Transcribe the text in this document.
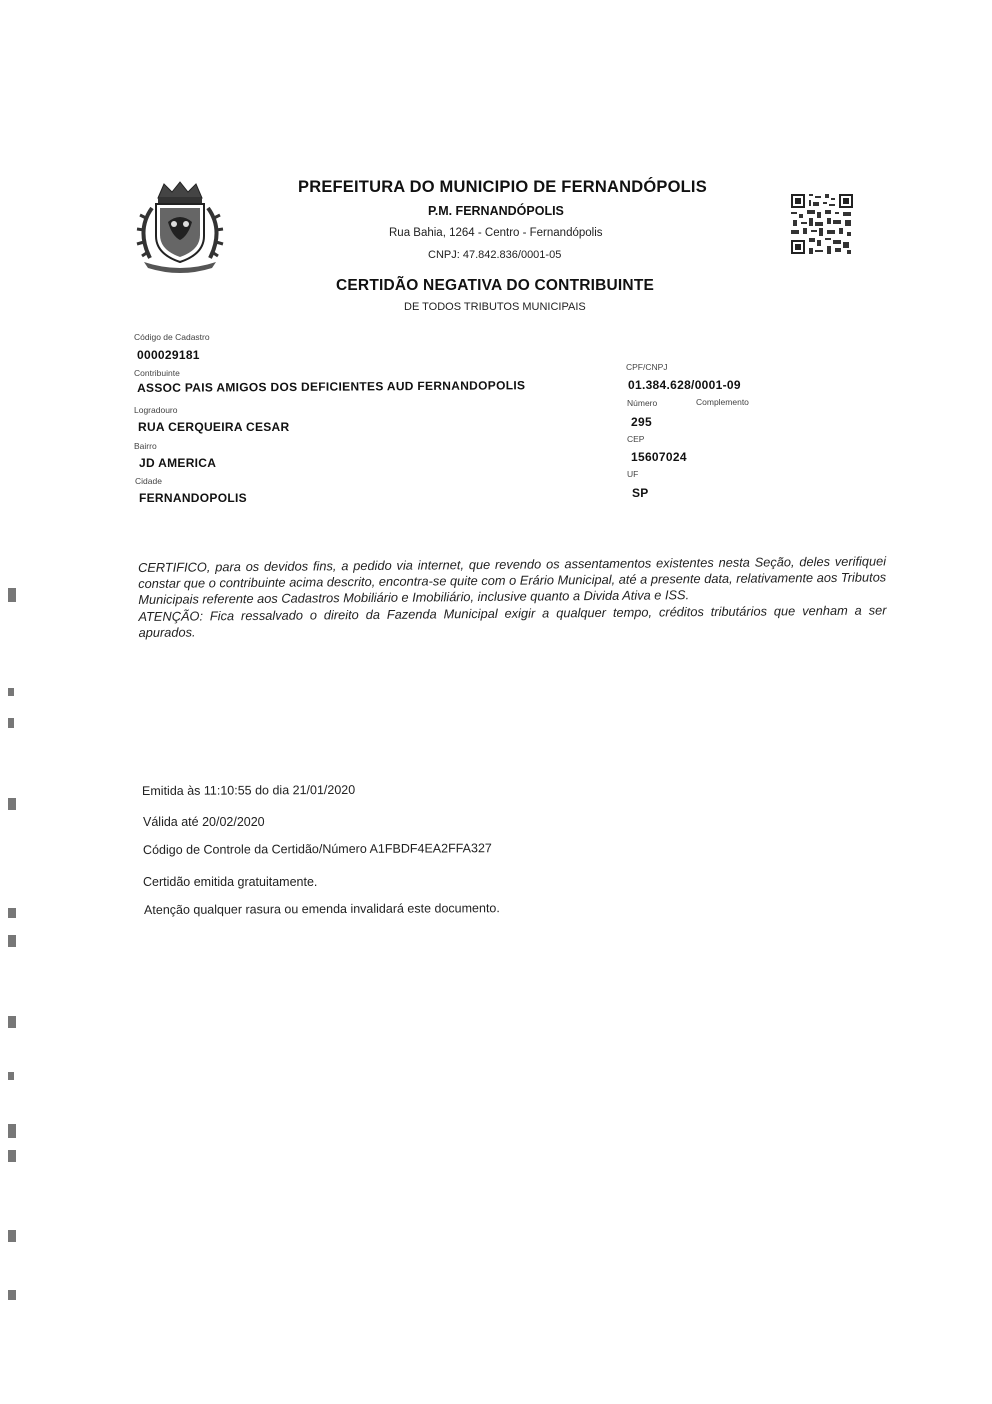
PREFEITURA DO MUNICIPIO DE FERNANDÓPOLIS
P.M. FERNANDÓPOLIS
Rua Bahia, 1264 - Centro - Fernandópolis
CNPJ: 47.842.836/0001-05
CERTIDÃO NEGATIVA DO CONTRIBUINTE
DE TODOS TRIBUTOS MUNICIPAIS
Código de Cadastro
000029181
Contribuinte
ASSOC PAIS AMIGOS DOS DEFICIENTES AUD FERNANDOPOLIS
Logradouro
RUA CERQUEIRA CESAR
Bairro
JD AMERICA
Cidade
FERNANDOPOLIS
CPF/CNPJ
01.384.628/0001-09
Número	Complemento
295
CEP
15607024
UF
SP

CERTIFICO, para os devidos fins, a pedido via internet, que revendo os assentamentos existentes nesta Seção, deles verifiquei constar que o contribuinte acima descrito, encontra-se quite com o Erário Municipal, até a presente data, relativamente aos Tributos Municipais referente aos Cadastros Mobiliário e Imobiliário, inclusive quanto a Divida Ativa e ISS.

ATENÇÃO: Fica ressalvado o direito da Fazenda Municipal exigir a qualquer tempo, créditos tributários que venham a ser apurados.

Emitida às 11:10:55 do dia 21/01/2020
Válida até 20/02/2020
Código de Controle da Certidão/Número A1FBDF4EA2FFA327
Certidão emitida gratuitamente.
Atenção qualquer rasura ou emenda invalidará este documento.
